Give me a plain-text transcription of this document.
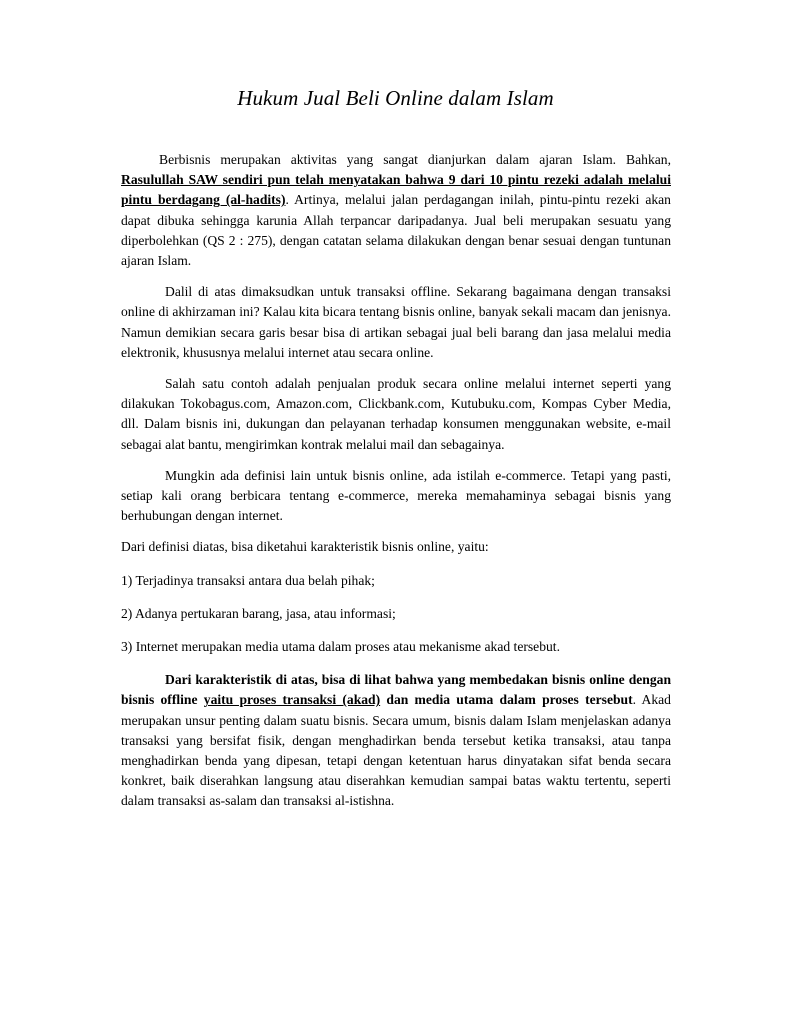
Hukum Jual Beli Online dalam Islam

Berbisnis merupakan aktivitas yang sangat dianjurkan dalam ajaran Islam. Bahkan, Rasulullah SAW sendiri pun telah menyatakan bahwa 9 dari 10 pintu rezeki adalah melalui pintu berdagang (al-hadits). Artinya, melalui jalan perdagangan inilah, pintu-pintu rezeki akan dapat dibuka sehingga karunia Allah terpancar daripadanya. Jual beli merupakan sesuatu yang diperbolehkan (QS 2 : 275), dengan catatan selama dilakukan dengan benar sesuai dengan tuntunan ajaran Islam.

Dalil di atas dimaksudkan untuk transaksi offline. Sekarang bagaimana dengan transaksi online di akhirzaman ini? Kalau kita bicara tentang bisnis online, banyak sekali macam dan jenisnya. Namun demikian secara garis besar bisa di artikan sebagai jual beli barang dan jasa melalui media elektronik, khususnya melalui internet atau secara online.

Salah satu contoh adalah penjualan produk secara online melalui internet seperti yang dilakukan Tokobagus.com, Amazon.com, Clickbank.com, Kutubuku.com, Kompas Cyber Media, dll. Dalam bisnis ini, dukungan dan pelayanan terhadap konsumen menggunakan website, e-mail sebagai alat bantu, mengirimkan kontrak melalui mail dan sebagainya.

Mungkin ada definisi lain untuk bisnis online, ada istilah e-commerce. Tetapi yang pasti, setiap kali orang berbicara tentang e-commerce, mereka memahaminya sebagai bisnis yang berhubungan dengan internet.

Dari definisi diatas, bisa diketahui karakteristik bisnis online, yaitu:

1) Terjadinya transaksi antara dua belah pihak;

2) Adanya pertukaran barang, jasa, atau informasi;

3) Internet merupakan media utama dalam proses atau mekanisme akad tersebut.

Dari karakteristik di atas, bisa di lihat bahwa yang membedakan bisnis online dengan bisnis offline yaitu proses transaksi (akad) dan media utama dalam proses tersebut. Akad merupakan unsur penting dalam suatu bisnis. Secara umum, bisnis dalam Islam menjelaskan adanya transaksi yang bersifat fisik, dengan menghadirkan benda tersebut ketika transaksi, atau tanpa menghadirkan benda yang dipesan, tetapi dengan ketentuan harus dinyatakan sifat benda secara konkret, baik diserahkan langsung atau diserahkan kemudian sampai batas waktu tertentu, seperti dalam transaksi as-salam dan transaksi al-istishna.
